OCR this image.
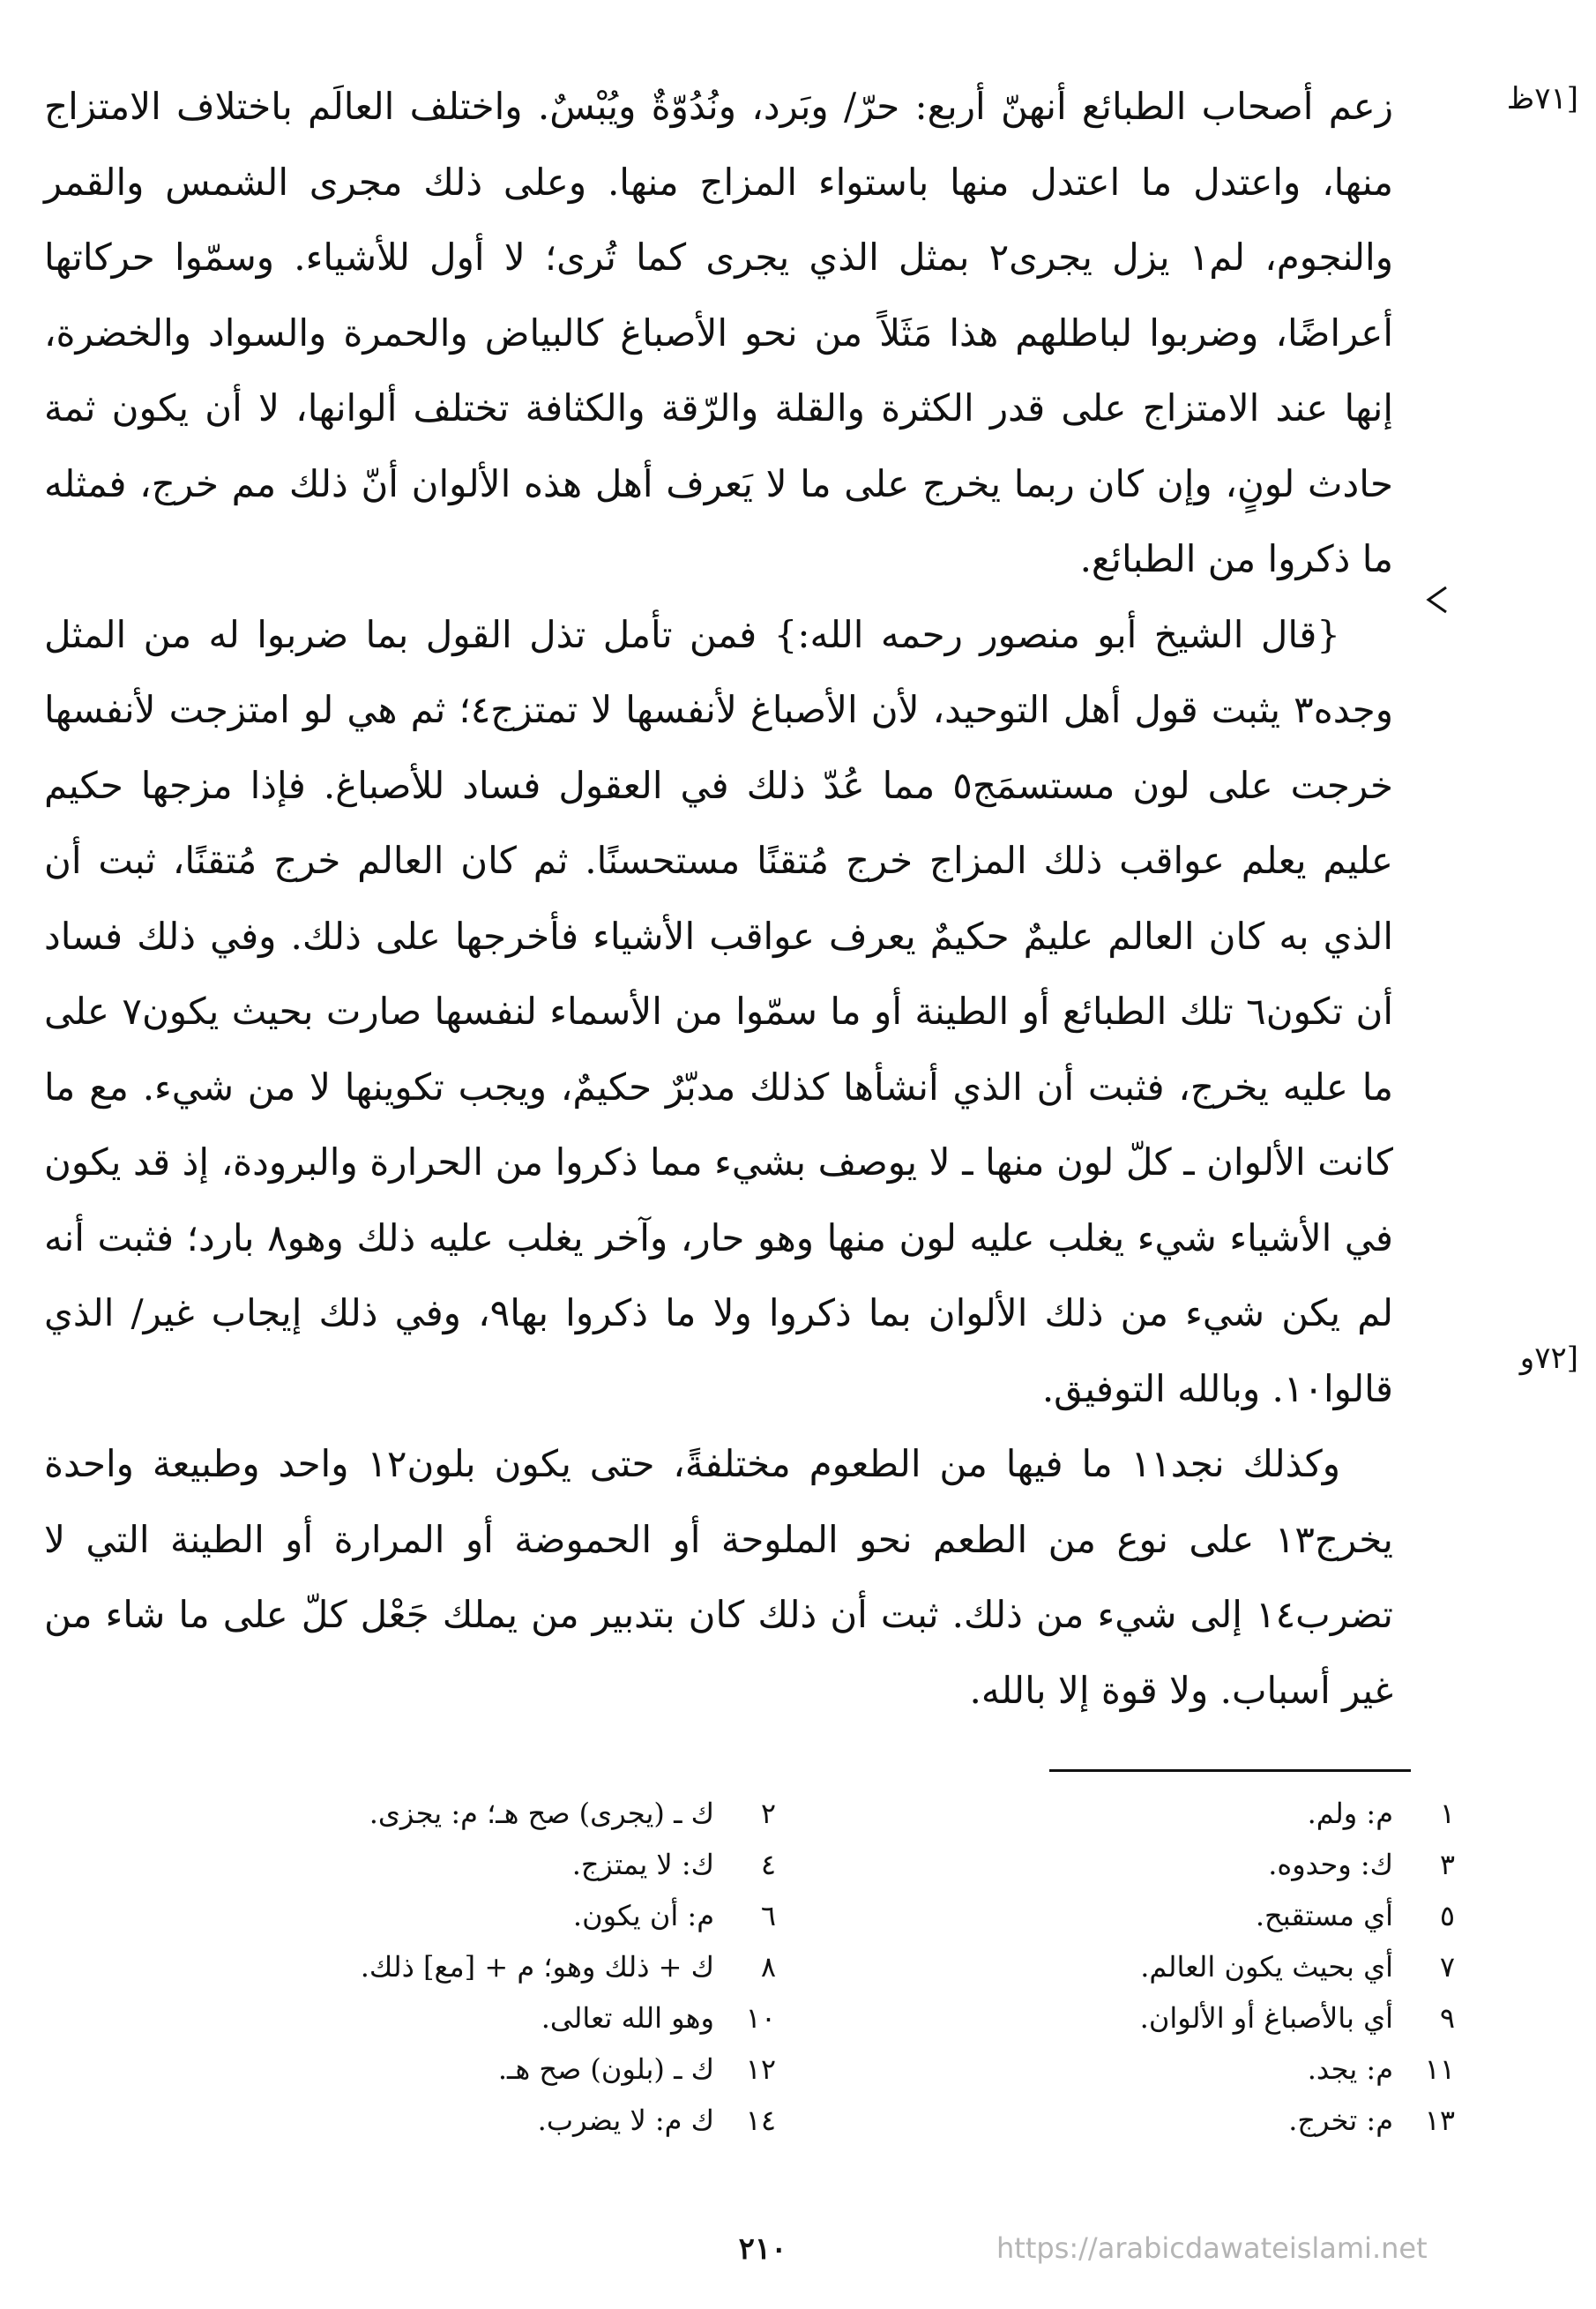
[٧١ظ
[٧٢و

زعم أصحاب الطبائع أنهنّ أربع: حرّ/ وبَرد، ونُدُوّةٌ ويُبْسٌ. واختلف العالَم باختلاف الامتزاج منها، واعتدل ما اعتدل منها باستواء المزاج منها. وعلى ذلك مجرى الشمس والقمر والنجوم، لم١ يزل يجرى٢ بمثل الذي يجرى كما تُرى؛ لا أول للأشياء. وسمّوا حركاتها أعراضًا، وضربوا لباطلهم هذا مَثَلاً من نحو الأصباغ كالبياض والحمرة والسواد والخضرة، إنها عند الامتزاج على قدر الكثرة والقلة والرّقة والكثافة تختلف ألوانها، لا أن يكون ثمة حادث لونٍ، وإن كان ربما يخرج على ما لا يَعرف أهل هذه الألوان أنّ ذلك مم خرج، فمثله ما ذكروا من الطبائع.

{قال الشيخ أبو منصور رحمه الله:} فمن تأمل تذل القول بما ضربوا له من المثل وجده٣ يثبت قول أهل التوحيد، لأن الأصباغ لأنفسها لا تمتزج٤؛ ثم هي لو امتزجت لأنفسها خرجت على لون مستسمَج٥ مما عُدّ ذلك في العقول فساد للأصباغ. فإذا مزجها حكيم عليم يعلم عواقب ذلك المزاج خرج مُتقنًا مستحسنًا. ثم كان العالم خرج مُتقنًا، ثبت أن الذي به كان العالم عليمٌ حكيمٌ يعرف عواقب الأشياء فأخرجها على ذلك. وفي ذلك فساد أن تكون٦ تلك الطبائع أو الطينة أو ما سمّوا من الأسماء لنفسها صارت بحيث يكون٧ على ما عليه يخرج، فثبت أن الذي أنشأها كذلك مدبّرٌ حكيمٌ، ويجب تكوينها لا من شيء. مع ما كانت الألوان ـ كلّ لون منها ـ لا يوصف بشيء مما ذكروا من الحرارة والبرودة، إذ قد يكون في الأشياء شيء يغلب عليه لون منها وهو حار، وآخر يغلب عليه ذلك وهو٨ بارد؛ فثبت أنه لم يكن شيء من ذلك الألوان بما ذكروا ولا ما ذكروا بها٩، وفي ذلك إيجاب غير/ الذي قالوا١٠. وبالله التوفيق.

وكذلك نجد١١ ما فيها من الطعوم مختلفةً، حتى يكون بلون١٢ واحد وطبيعة واحدة يخرج١٣ على نوع من الطعم نحو الملوحة أو الحموضة أو المرارة أو الطينة التي لا تضرب١٤ إلى شيء من ذلك. ثبت أن ذلك كان بتدبير من يملك جَعْل كلّ على ما شاء من غير أسباب. ولا قوة إلا بالله.

١م: ولم.
٢ك ـ (يجرى) صح هـ؛ م: يجزى.
٣ك: وحدوه.
٤ك: لا يمتزج.
٥أي مستقبح.
٦م: أن يكون.
٧أي بحيث يكون العالم.
٨ك + ذلك وهو؛ م + [مع] ذلك.
٩أي بالأصباغ أو الألوان.
١٠وهو الله تعالى.
١١م: يجد.
١٢ك ـ (بلون) صح هـ.
١٣م: تخرج.
١٤ك م: لا يضرب.
٢١٠	https://arabicdawateislami.net
